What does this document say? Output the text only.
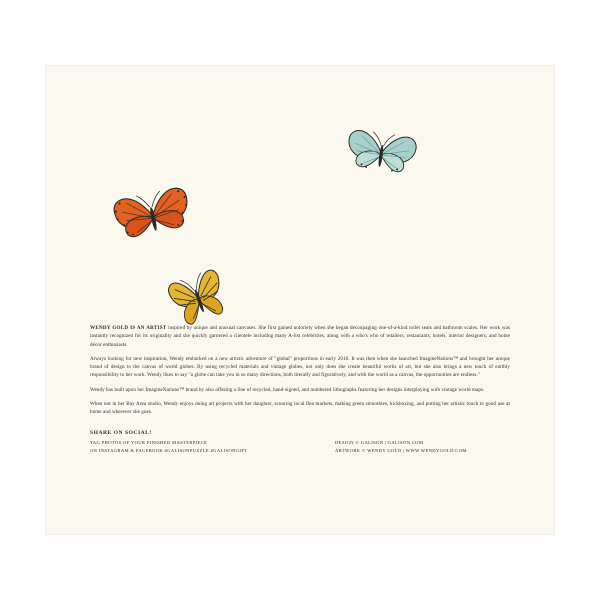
WENDY GOLD IS AN ARTIST inspired by unique and unusual canvases. She first gained notoriety when she began decoupaging one-of-a-kind toilet seats and bathroom scales. Her work was instantly recognized for its originality and she quickly garnered a clientele including many A-list celebrities, along with a who's who of retailers, restaurants, hotels, interior designers, and home décor enthusiasts.

Always looking for new inspiration, Wendy embarked on a new artistic adventure of "global" proportions in early 2010. It was then when she launched ImagineNations™ and brought her unique brand of design to the canvas of world globes. By using recycled materials and vintage globes, not only does she create beautiful works of art, but she also brings a new touch of earthly responsibility to her work. Wendy likes to say "a globe can take you in so many directions, both literally and figuratively, and with the world as a canvas, the opportunities are endless."

Wendy has built upon her ImagineNations™ brand by also offering a line of recycled, hand-signed, and numbered lithographs featuring her designs interplaying with vintage world maps.

When not in her Bay Area studio, Wendy enjoys doing art projects with her daughter, scouring local flea markets, making green smoothies, kickboxing, and putting her artistic touch to good use at home and wherever she goes.

SHARE ON SOCIAL!
TAG PHOTOS OF YOUR FINISHED MASTERPIECE
ON INSTAGRAM & FACEBOOK #GALISONPUZZLE #GALISONGIFT
DESIGN © GALISON | GALISON.COM
ARTWORK © WENDY GOLD | WWW.WENDYGOLD.COM
